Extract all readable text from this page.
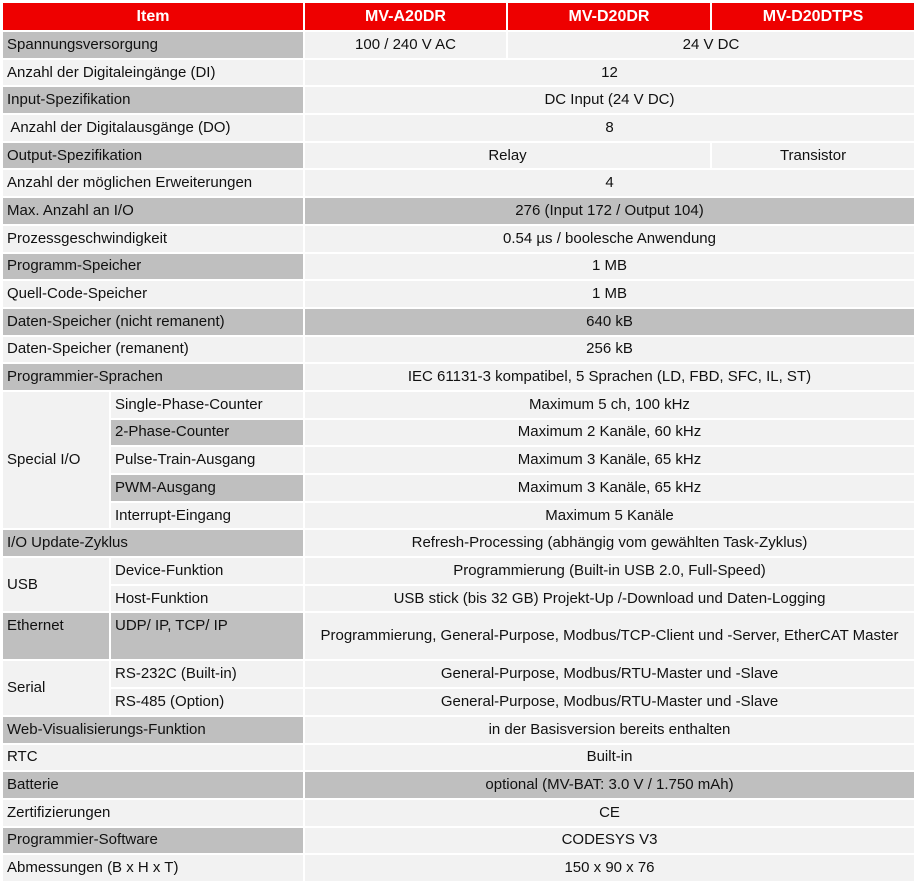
Item		MV-A20DR	MV-D20DR	MV-D20DTPS
Spannungsversorgung		100 / 240 V AC	24 V DC	
Anzahl der Digitaleingänge (DI)		12		
Input-Spezifikation		DC Input (24 V DC)		
Anzahl der Digitalausgänge (DO)		8		
Output-Spezifikation		Relay		Transistor
Anzahl der möglichen Erweiterungen		4		
Max. Anzahl an I/O		276 (Input 172 / Output 104)		
Prozessgeschwindigkeit		0.54 µs / boolesche Anwendung		
Programm-Speicher		1 MB		
Quell-Code-Speicher		1 MB		
Daten-Speicher (nicht remanent)		640 kB		
Daten-Speicher (remanent)		256 kB		
Programmier-Sprachen		IEC 61131-3 kompatibel, 5 Sprachen (LD, FBD, SFC, IL, ST)		
Special I/O	Single-Phase-Counter	Maximum 5 ch, 100 kHz		
	2-Phase-Counter	Maximum 2 Kanäle, 60 kHz		
	Pulse-Train-Ausgang	Maximum 3 Kanäle, 65 kHz		
	PWM-Ausgang	Maximum 3 Kanäle, 65 kHz		
	Interrupt-Eingang	Maximum 5 Kanäle		
I/O Update-Zyklus		Refresh-Processing (abhängig vom gewählten Task-Zyklus)		
USB	Device-Funktion	Programmierung (Built-in USB 2.0, Full-Speed)		
	Host-Funktion	USB stick (bis 32 GB) Projekt-Up /-Download und Daten-Logging		
Ethernet	UDP/ IP, TCP/ IP	Programmierung, General-Purpose, Modbus/TCP-Client und -Server, EtherCAT Master		
Serial	RS-232C (Built-in)	General-Purpose, Modbus/RTU-Master und -Slave		
	RS-485 (Option)	General-Purpose, Modbus/RTU-Master und -Slave		
Web-Visualisierungs-Funktion		in der Basisversion bereits enthalten		
RTC		Built-in		
Batterie		optional (MV-BAT: 3.0 V / 1.750 mAh)		
Zertifizierungen		CE		
Programmier-Software		CODESYS V3		
Abmessungen (B x H x T)		150 x 90 x 76		
